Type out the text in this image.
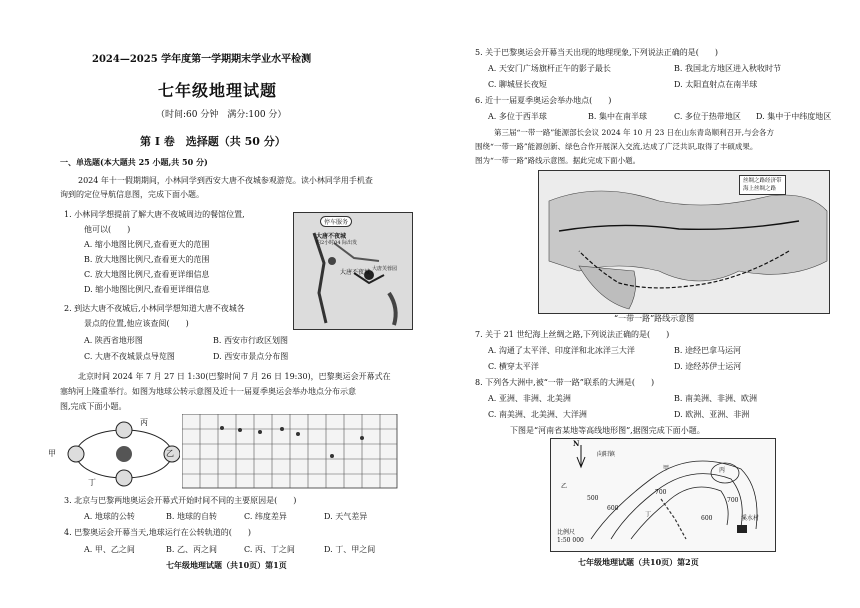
2024—2025 学年度第一学期期末学业水平检测
七年级地理试题
（时间:60 分钟　满分:100 分）
第 Ⅰ 卷　选择题（共 50 分）
一、单选题(本大题共 25 小题,共 50 分)
2024 年十一假期期间，小林同学到西安大唐不夜城参观游览。读小林同学用手机查
询到的定位导航信息图，完成下面小题。
1. 小林同学想提前了解大唐不夜城周边的餐馆位置,
他可以(　　)
A. 缩小地图比例尺,查看更大的范围
B. 放大地图比例尺,查看更大的范围
C. 放大地图比例尺,查看更详细信息
D. 缩小地图比例尺,查看更详细信息
停车服务
大唐不夜城
约2小时04 际出发
大唐不夜城 大唐芙蓉园
2. 到达大唐不夜城后,小林同学想知道大唐不夜城各
景点的位置,他应该查阅(　　)
A. 陕西省地形图	B. 西安市行政区划图
C. 大唐不夜城景点导览图	D. 西安市景点分布图
北京时间 2024 年 7 月 27 日 1:30(巴黎时间 7 月 26 日 19:30)，巴黎奥运会开幕式在
塞纳河上隆重举行。如图为地球公转示意图及近十一届夏季奥运会举办地点分布示意
图,完成下面小题。
甲	乙
丙
丁
3. 北京与巴黎两地奥运会开幕式开始时间不同的主要原因是(　　)
A. 地球的公转	B. 地球的自转	C. 纬度差异	D. 天气差异
4. 巴黎奥运会开幕当天,地球运行在公转轨道的(　　)
A. 甲、乙之间	B. 乙、丙之间	C. 丙、丁之间	D. 丁、甲之间
七年级地理试题（共10页）第1页
5. 关于巴黎奥运会开幕当天出现的地理现象,下列说法正确的是(　　)
A. 天安门广场旗杆正午的影子最长	B. 我国北方地区进入秋收时节
C. 聊城昼长夜短	D. 太阳直射点在南半球
6. 近十一届夏季奥运会举办地点(　　)
A. 多位于西半球	B. 集中在南半球	C. 多位于热带地区 D. 集中于中纬度地区
第三届“一带一路”能源部长会议 2024 年 10 月 23 日在山东青岛顺利召开,与会各方
围绕“一带一路”能源创新、绿色合作开展深入交流,达成了广泛共识,取得了丰硕成果。
图为“一带一路”路线示意图。据此完成下面小题。
丝绸之路经济带
海上丝绸之路
“一带一路”路线示意图
7. 关于 21 世纪海上丝绸之路,下列说法正确的是(　　)
A. 沟通了太平洋、印度洋和北冰洋三大洋	B. 途经巴拿马运河
C. 横穿太平洋	D. 途经苏伊士运河
8. 下列各大洲中,被“一带一路”联系的大洲是(　　)
A. 亚洲、非洲、北美洲	B. 南美洲、非洲、欧洲
C. 南美洲、北美洲、大洋洲	D. 欧洲、亚洲、非洲
下图是“河南省某地等高线地形图”,据图完成下面小题。
N
向阳镇
甲
乙
丙
丁
500
600
700
700
600	溪水村
比例尺
1:50 000
七年级地理试题（共10页）第2页
